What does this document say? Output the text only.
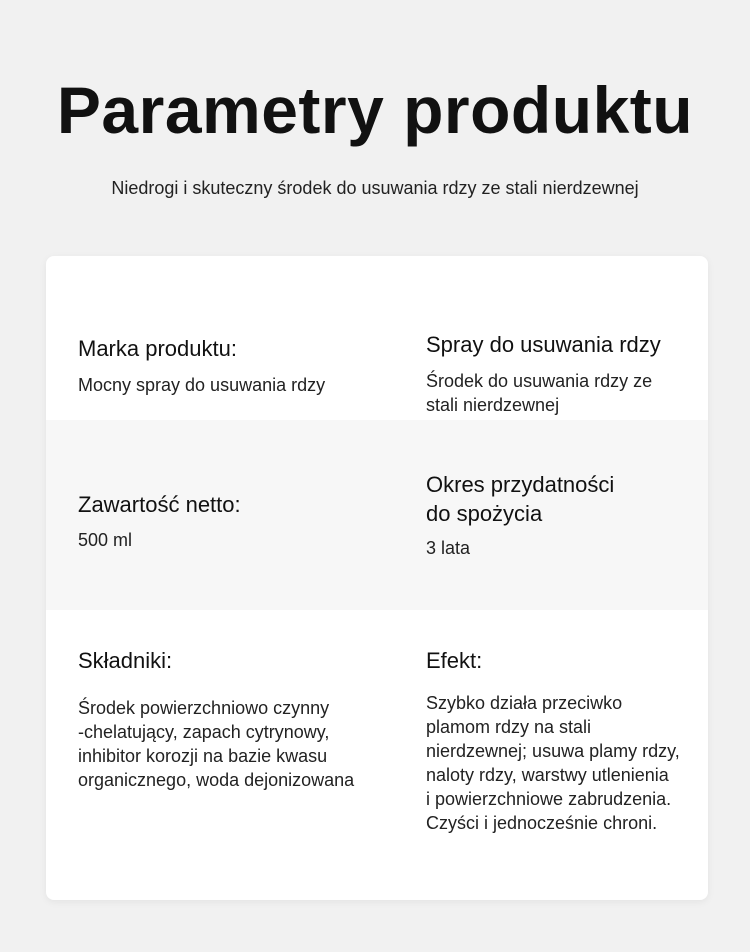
Parametry produktu

Niedrogi i skuteczny środek do usuwania rdzy ze stali nierdzewnej

Marka produktu:

Mocny spray do usuwania rdzy

Spray do usuwania rdzy

Środek do usuwania rdzy ze
stali nierdzewnej

Zawartość netto:

500 ml

Okres przydatności
do spożycia

3 lata

Składniki:

Środek powierzchniowo czynny
-chelatujący, zapach cytrynowy,
inhibitor korozji na bazie kwasu
organicznego, woda dejonizowana

Efekt:

Szybko działa przeciwko
plamom rdzy na stali
nierdzewnej; usuwa plamy rdzy,
naloty rdzy, warstwy utlenienia
i powierzchniowe zabrudzenia.
Czyści i jednocześnie chroni.
